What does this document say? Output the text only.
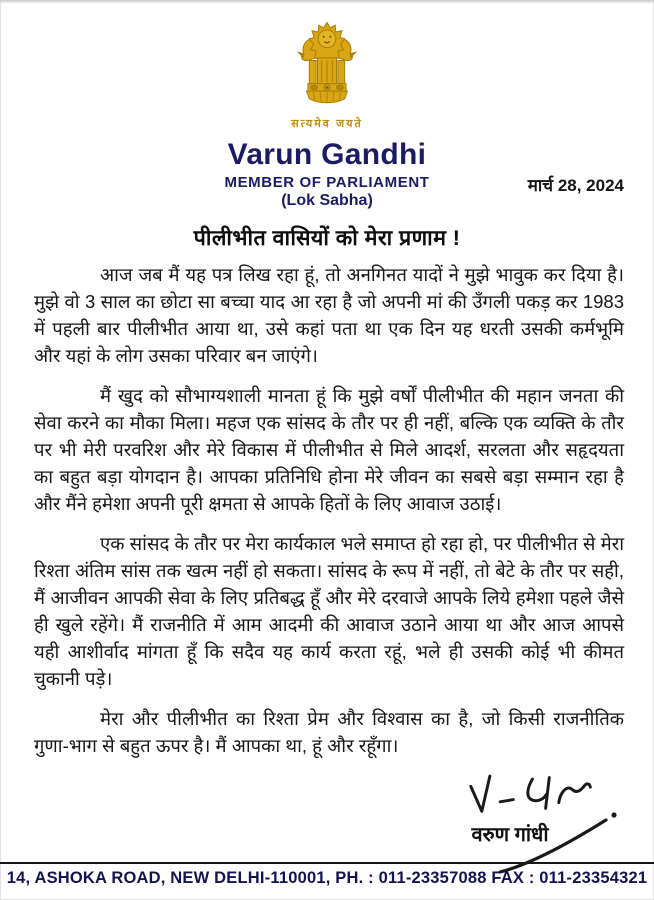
सत्यमेव जयते
Varun Gandhi
MEMBER OF PARLIAMENT
(Lok Sabha)
मार्च 28, 2024
पीलीभीत वासियों को मेरा प्रणाम !

आज जब मैं यह पत्र लिख रहा हूं, तो अनगिनत यादों ने मुझे भावुक कर दिया है। मुझे वो 3 साल का छोटा सा बच्चा याद आ रहा है जो अपनी मां की उँगली पकड़ कर 1983 में पहली बार पीलीभीत आया था, उसे कहां पता था एक दिन यह धरती उसकी कर्मभूमि और यहां के लोग उसका परिवार बन जाएंगे।

मैं खुद को सौभाग्यशाली मानता हूं कि मुझे वर्षों पीलीभीत की महान जनता की सेवा करने का मौका मिला। महज एक सांसद के तौर पर ही नहीं, बल्कि एक व्यक्ति के तौर पर भी मेरी परवरिश और मेरे विकास में पीलीभीत से मिले आदर्श, सरलता और सहृदयता का बहुत बड़ा योगदान है। आपका प्रतिनिधि होना मेरे जीवन का सबसे बड़ा सम्मान रहा है और मैंने हमेशा अपनी पूरी क्षमता से आपके हितों के लिए आवाज उठाई।

एक सांसद के तौर पर मेरा कार्यकाल भले समाप्त हो रहा हो, पर पीलीभीत से मेरा रिश्ता अंतिम सांस तक खत्म नहीं हो सकता। सांसद के रूप में नहीं, तो बेटे के तौर पर सही, मैं आजीवन आपकी सेवा के लिए प्रतिबद्ध हूँ और मेरे दरवाजे आपके लिये हमेशा पहले जैसे ही खुले रहेंगे। मैं राजनीति में आम आदमी की आवाज उठाने आया था और आज आपसे यही आशीर्वाद मांगता हूँ कि सदैव यह कार्य करता रहूं, भले ही उसकी कोई भी कीमत चुकानी पड़े।

मेरा और पीलीभीत का रिश्ता प्रेम और विश्वास का है, जो किसी राजनीतिक गुणा-भाग से बहुत ऊपर है। मैं आपका था, हूं और रहूँगा।

वरुण गांधी
14, ASHOKA ROAD, NEW DELHI-110001, PH. : 011-23357088 FAX : 011-23354321
